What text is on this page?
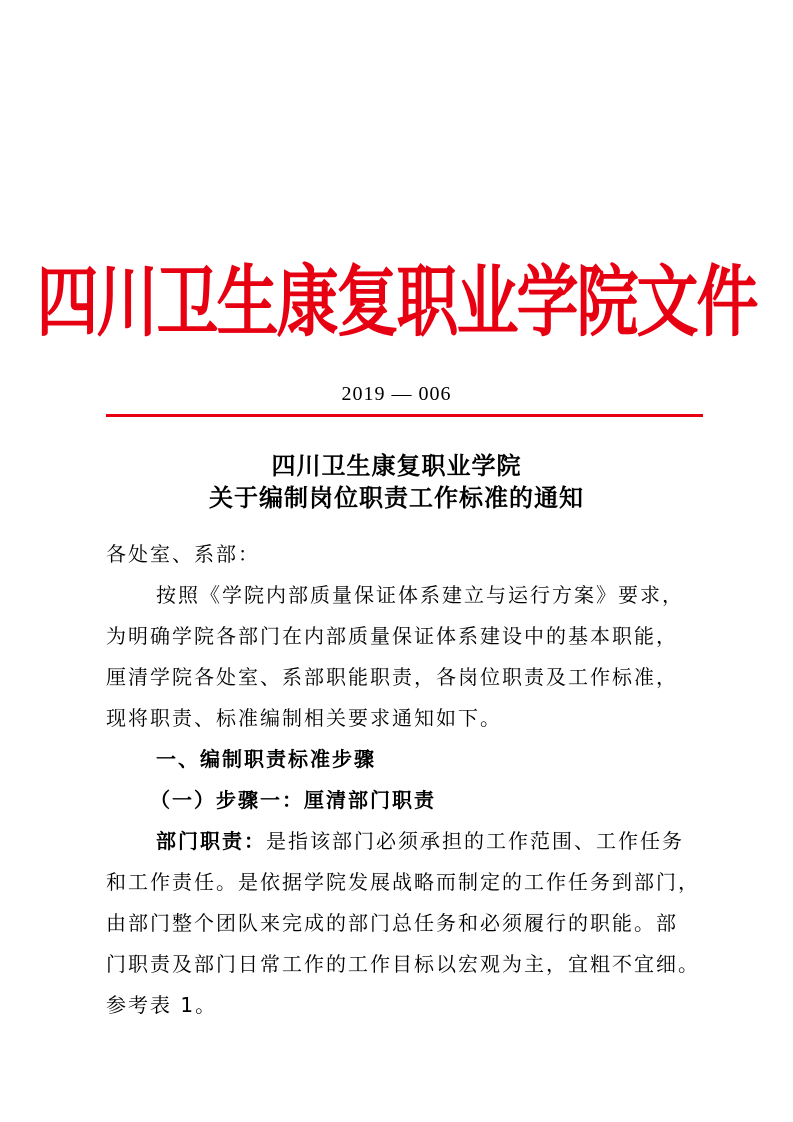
四川卫生康复职业学院文件
2019 — 006
四川卫生康复职业学院
关于编制岗位职责工作标准的通知
各处室、系部：
按照《学院内部质量保证体系建立与运行方案》要求，
为明确学院各部门在内部质量保证体系建设中的基本职能，
厘清学院各处室、系部职能职责，各岗位职责及工作标准，
现将职责、标准编制相关要求通知如下。
一、编制职责标准步骤
（一）步骤一：厘清部门职责
部门职责：是指该部门必须承担的工作范围、工作任务
和工作责任。是依据学院发展战略而制定的工作任务到部门，
由部门整个团队来完成的部门总任务和必须履行的职能。部
门职责及部门日常工作的工作目标以宏观为主，宜粗不宜细。
参考表 1。
